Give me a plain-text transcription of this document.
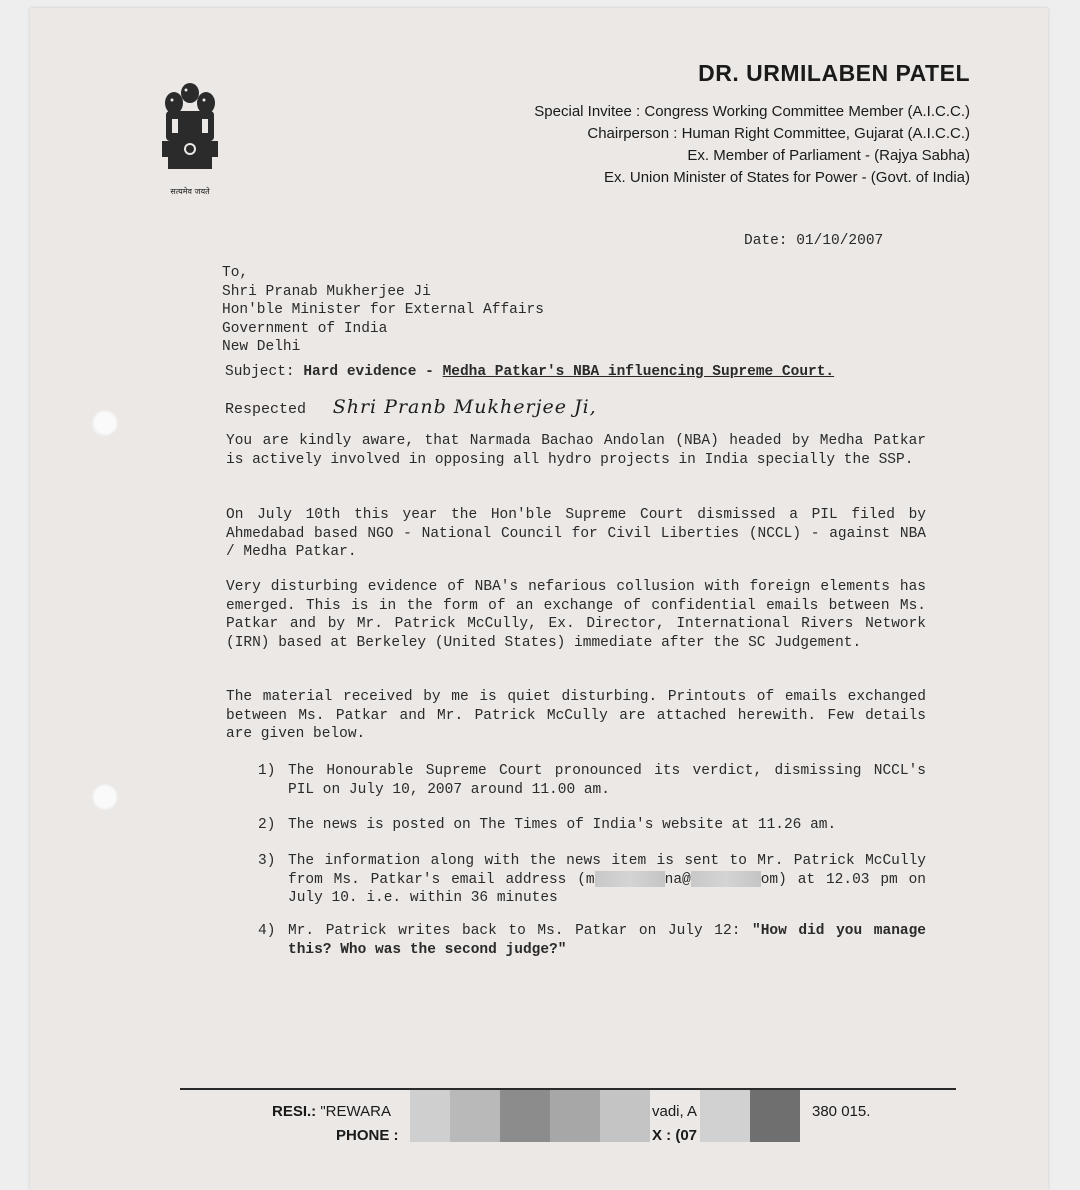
सत्यमेव जयते
DR. URMILABEN PATEL
Special Invitee : Congress Working Committee Member (A.I.C.C.)
Chairperson : Human Right Committee, Gujarat (A.I.C.C.)
Ex. Member of Parliament - (Rajya Sabha)
Ex. Union Minister of States for Power - (Govt. of India)
Date: 01/10/2007
To,
Shri Pranab Mukherjee Ji
Hon'ble Minister for External Affairs
Government of India
New Delhi
Subject: Hard evidence - Medha Patkar's NBA influencing Supreme Court.
Respected Shri Pranb Mukherjee Ji,
You are kindly aware, that Narmada Bachao Andolan (NBA) headed by Medha Patkar is actively involved in opposing all hydro projects in India specially the SSP.
On July 10th this year the Hon'ble Supreme Court dismissed a PIL filed by Ahmedabad based NGO - National Council for Civil Liberties (NCCL) - against NBA / Medha Patkar.
Very disturbing evidence of NBA's nefarious collusion with foreign elements has emerged. This is in the form of an exchange of confidential emails between Ms. Patkar and by Mr. Patrick McCully, Ex. Director, International Rivers Network (IRN) based at Berkeley (United States) immediate after the SC Judgement.
The material received by me is quiet disturbing. Printouts of emails exchanged between Ms. Patkar and Mr. Patrick McCully are attached herewith. Few details are given below.
1) The Honourable Supreme Court pronounced its verdict, dismissing NCCL's PIL on July 10, 2007 around 11.00 am.
2) The news is posted on The Times of India's website at 11.26 am.
3) The information along with the news item is sent to Mr. Patrick McCully from Ms. Patkar's email address (m	na@	om) at 12.03 pm on July 10. i.e. within 36 minutes
4) Mr. Patrick writes back to Ms. Patkar on July 12: "How did you manage this? Who was the second judge?"
RESI.: "REWARA	vadi, A	380 015.
PHONE :	X : (07
